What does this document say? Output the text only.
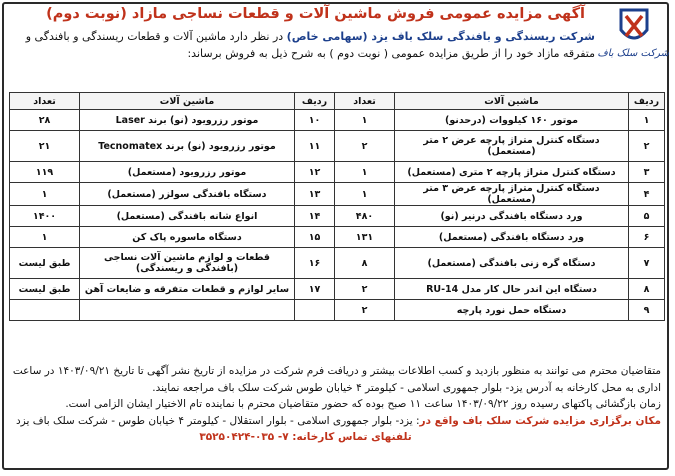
شرکت سلک باف
آگهی مزایده عمومی فروش ماشین آلات و قطعات نساجی مازاد (نوبت دوم)
شرکت ریسندگی و بافندگی سلک باف یزد (سهامی خاص) در نظر دارد ماشین آلات و قطعات ریسندگی و بافندگی و
متفرقه مازاد خود را از طریق مزایده عمومی ( نوبت دوم ) به شرح ذیل به فروش برساند:
ردیف	ماشین آلات	تعداد	ردیف	ماشین آلات	تعداد
۱	موتور ۱۶۰ کیلووات (درحدنو)	۱	۱۰	موتور رزرویود (نو) برند Laser	۲۸
۲	دستگاه کنترل متراژ پارچه عرض ۲ متر (مستعمل)	۲	۱۱	موتور رزرویود (نو) برند Tecnomatex	۲۱
۳	دستگاه کنترل متراژ پارچه ۲ متری (مستعمل)	۱	۱۲	موتور رزرویود (مستعمل)	۱۱۹
۴	دستگاه کنترل متراژ پارچه عرض ۳ متر (مستعمل)	۱	۱۳	دستگاه بافندگی سولزر (مستعمل)	۱
۵	ورد دستگاه بافندگی درنیر (نو)	۴۸۰	۱۴	انواع شانه بافندگی (مستعمل)	۱۴۰۰
۶	ورد دستگاه بافندگی (مستعمل)	۱۳۱	۱۵	دستگاه ماسوره پاک کن	۱
۷	دستگاه گره زنی بافندگی (مستعمل)	۸	۱۶	قطعات و لوازم ماشین آلات نساجی (بافندگی و ریسندگی)	طبق لیست
۸	دستگاه این اندر حال کار مدل RU-14	۲	۱۷	سایر لوازم و قطعات متفرقه و ضایعات آهن	طبق لیست
۹	دستگاه حمل نورد پارچه	۲			
متقاضیان محترم می توانند به منظور بازدید و کسب اطلاعات بیشتر و دریافت فرم شرکت در مزایده از تاریخ نشر آگهی تا تاریخ ۱۴۰۳/۰۹/۲۱ در ساعت
اداری به محل کارخانه به آدرس یزد- بلوار جمهوری اسلامی - کیلومتر ۴ خیابان طوس شرکت سلک باف مراجعه نمایند.
زمان بازگشائی پاکتهای رسیده روز ۱۴۰۳/۰۹/۲۲ ساعت ۱۱ صبح بوده که حضور متقاضیان محترم با نماینده تام الاختیار ایشان الزامی است.
مکان برگزاری مزایده شرکت سلک باف واقع در: یزد- بلوار جمهوری اسلامی - بلوار استقلال - کیلومتر ۴ خیابان طوس - شرکت سلک باف یزد
تلفنهای تماس کارخانه: ۷- ۰۳۵-۳۵۲۵۰۴۲۴
